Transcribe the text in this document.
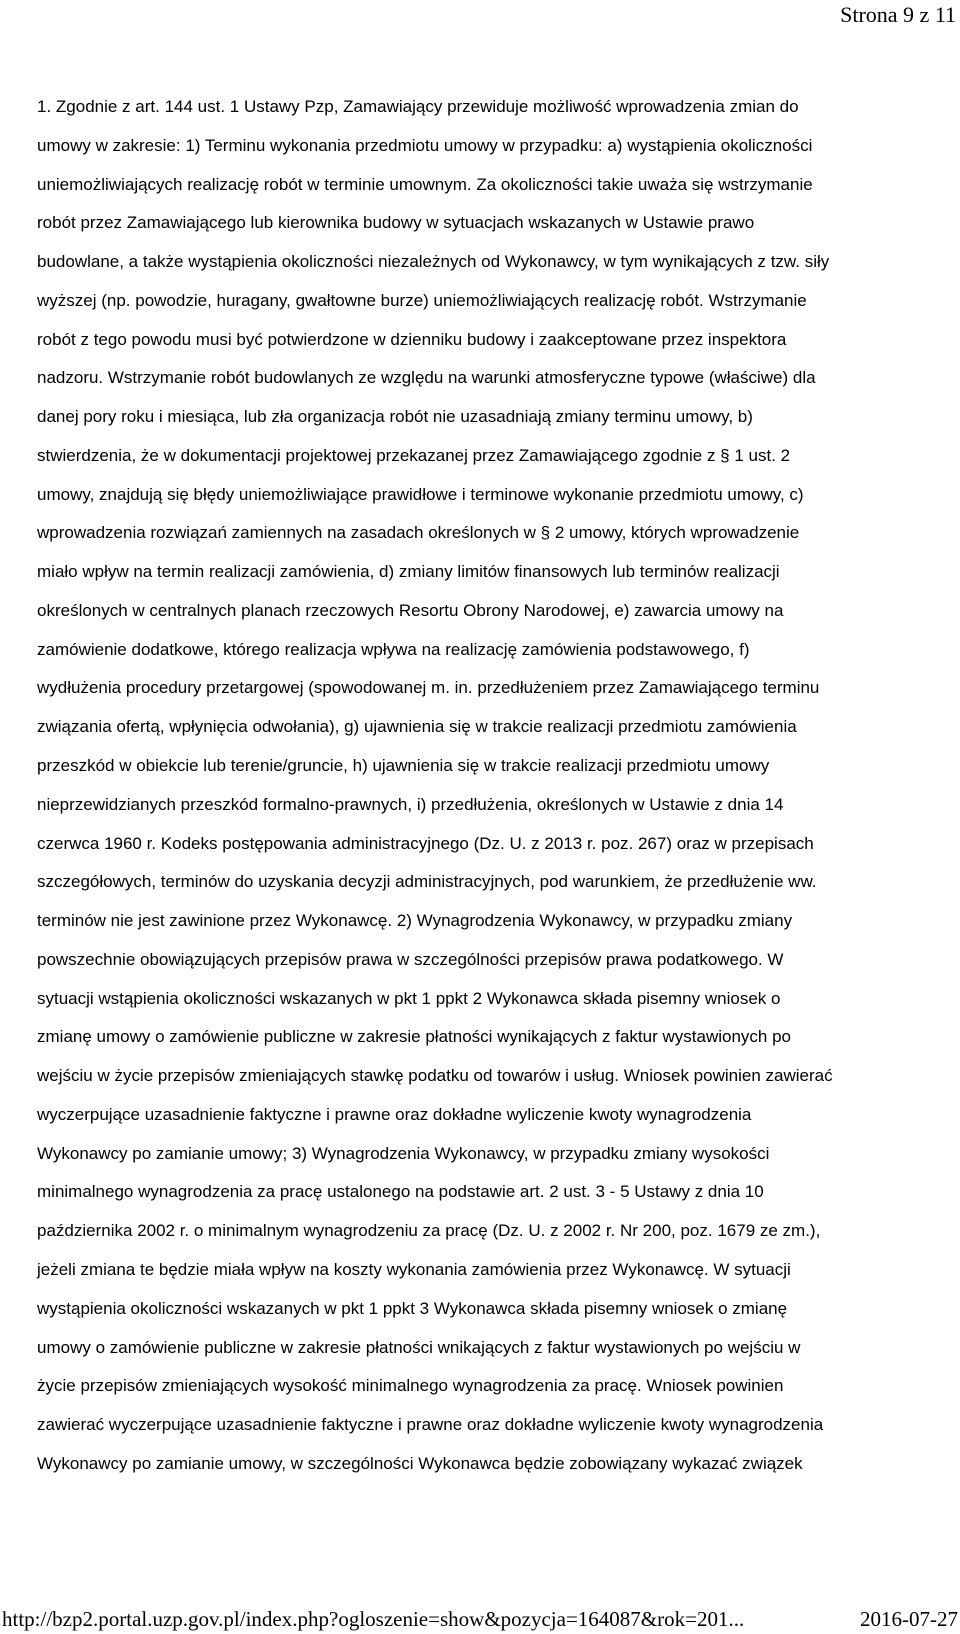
Strona 9 z 11
1. Zgodnie z art. 144 ust. 1 Ustawy Pzp, Zamawiający przewiduje możliwość wprowadzenia zmian do
umowy w zakresie: 1) Terminu wykonania przedmiotu umowy w przypadku: a) wystąpienia okoliczności
uniemożliwiających realizację robót w terminie umownym. Za okoliczności takie uważa się wstrzymanie
robót przez Zamawiającego lub kierownika budowy w sytuacjach wskazanych w Ustawie prawo
budowlane, a także wystąpienia okoliczności niezależnych od Wykonawcy, w tym wynikających z tzw. siły
wyższej (np. powodzie, huragany, gwałtowne burze) uniemożliwiających realizację robót. Wstrzymanie
robót z tego powodu musi być potwierdzone w dzienniku budowy i zaakceptowane przez inspektora
nadzoru. Wstrzymanie robót budowlanych ze względu na warunki atmosferyczne typowe (właściwe) dla
danej pory roku i miesiąca, lub zła organizacja robót nie uzasadniają zmiany terminu umowy, b)
stwierdzenia, że w dokumentacji projektowej przekazanej przez Zamawiającego zgodnie z § 1 ust. 2
umowy, znajdują się błędy uniemożliwiające prawidłowe i terminowe wykonanie przedmiotu umowy, c)
wprowadzenia rozwiązań zamiennych na zasadach określonych w § 2 umowy, których wprowadzenie
miało wpływ na termin realizacji zamówienia, d) zmiany limitów finansowych lub terminów realizacji
określonych w centralnych planach rzeczowych Resortu Obrony Narodowej, e) zawarcia umowy na
zamówienie dodatkowe, którego realizacja wpływa na realizację zamówienia podstawowego, f)
wydłużenia procedury przetargowej (spowodowanej m. in. przedłużeniem przez Zamawiającego terminu
związania ofertą, wpłynięcia odwołania), g) ujawnienia się w trakcie realizacji przedmiotu zamówienia
przeszkód w obiekcie lub terenie/gruncie, h) ujawnienia się w trakcie realizacji przedmiotu umowy
nieprzewidzianych przeszkód formalno-prawnych, i) przedłużenia, określonych w Ustawie z dnia 14
czerwca 1960 r. Kodeks postępowania administracyjnego (Dz. U. z 2013 r. poz. 267) oraz w przepisach
szczegółowych, terminów do uzyskania decyzji administracyjnych, pod warunkiem, że przedłużenie ww.
terminów nie jest zawinione przez Wykonawcę. 2) Wynagrodzenia Wykonawcy, w przypadku zmiany
powszechnie obowiązujących przepisów prawa w szczególności przepisów prawa podatkowego. W
sytuacji wstąpienia okoliczności wskazanych w pkt 1 ppkt 2 Wykonawca składa pisemny wniosek o
zmianę umowy o zamówienie publiczne w zakresie płatności wynikających z faktur wystawionych po
wejściu w życie przepisów zmieniających stawkę podatku od towarów i usług. Wniosek powinien zawierać
wyczerpujące uzasadnienie faktyczne i prawne oraz dokładne wyliczenie kwoty wynagrodzenia
Wykonawcy po zamianie umowy; 3) Wynagrodzenia Wykonawcy, w przypadku zmiany wysokości
minimalnego wynagrodzenia za pracę ustalonego na podstawie art. 2 ust. 3 - 5 Ustawy z dnia 10
października 2002 r. o minimalnym wynagrodzeniu za pracę (Dz. U. z 2002 r. Nr 200, poz. 1679 ze zm.),
jeżeli zmiana te będzie miała wpływ na koszty wykonania zamówienia przez Wykonawcę. W sytuacji
wystąpienia okoliczności wskazanych w pkt 1 ppkt 3 Wykonawca składa pisemny wniosek o zmianę
umowy o zamówienie publiczne w zakresie płatności wnikających z faktur wystawionych po wejściu w
życie przepisów zmieniających wysokość minimalnego wynagrodzenia za pracę. Wniosek powinien
zawierać wyczerpujące uzasadnienie faktyczne i prawne oraz dokładne wyliczenie kwoty wynagrodzenia
Wykonawcy po zamianie umowy, w szczególności Wykonawca będzie zobowiązany wykazać związek
http://bzp2.portal.uzp.gov.pl/index.php?ogloszenie=show&pozycja=164087&rok=201...	2016-07-27
